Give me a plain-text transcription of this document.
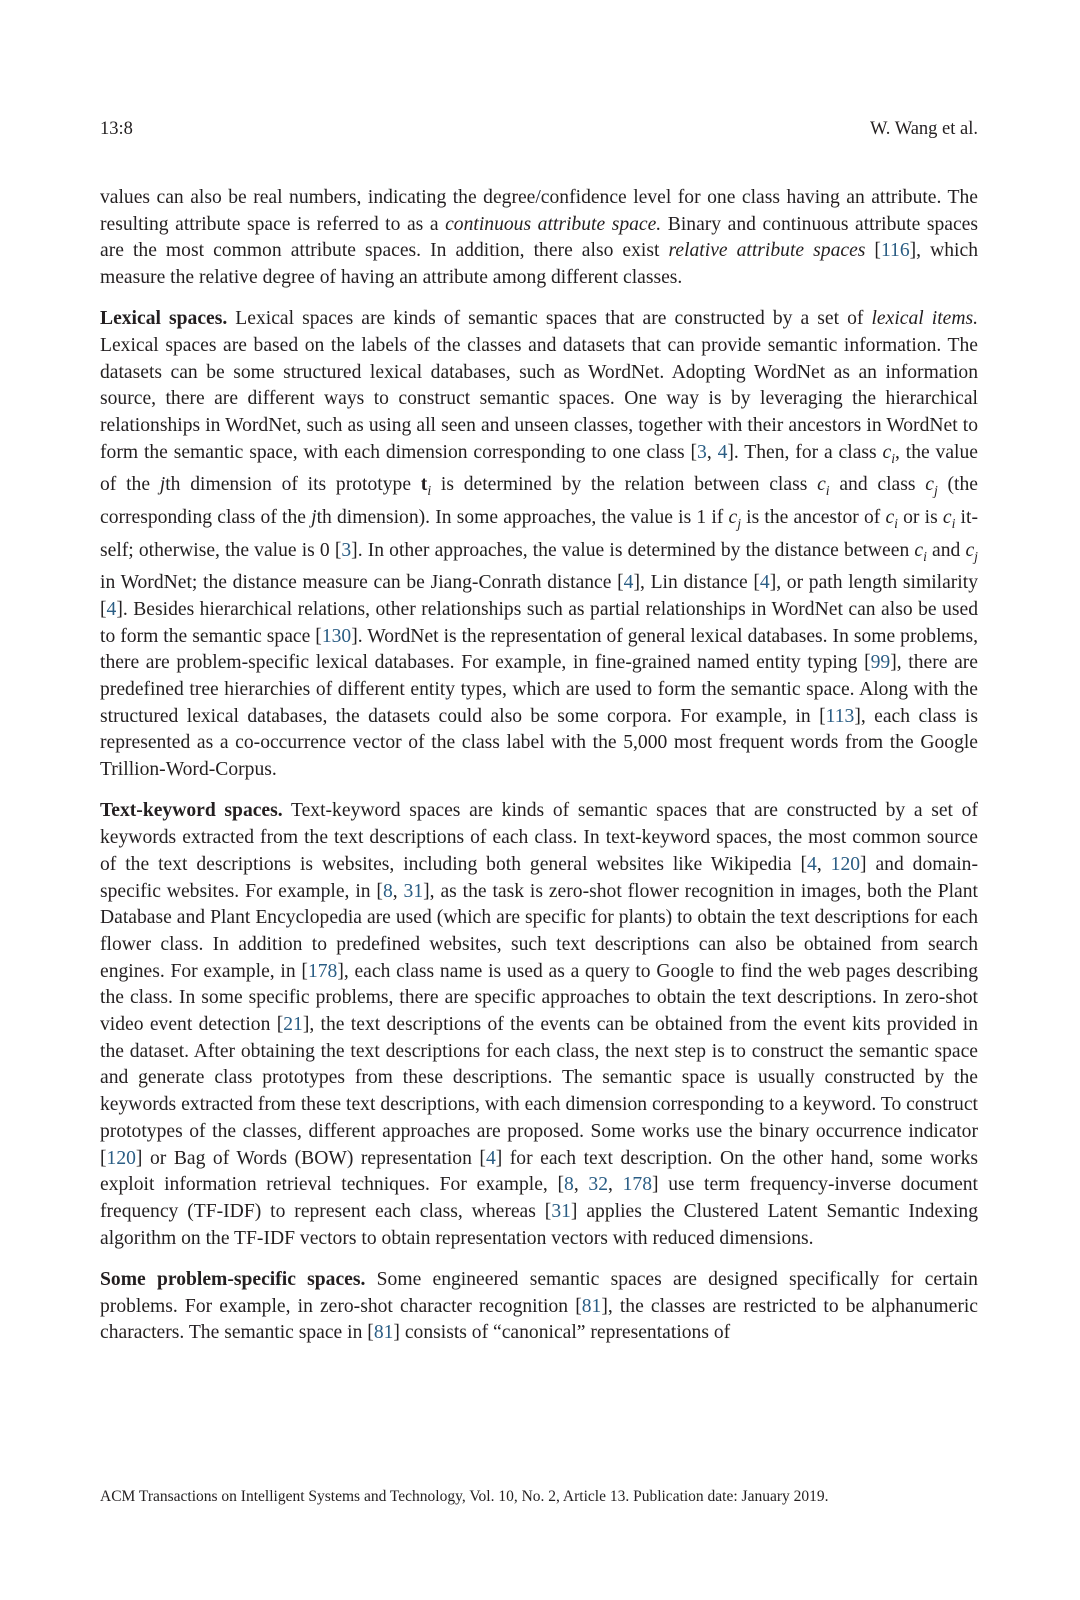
13:8	W. Wang et al.

values can also be real numbers, indicating the degree/confidence level for one class having an attribute. The resulting attribute space is referred to as a continuous attribute space. Binary and continuous attribute spaces are the most common attribute spaces. In addition, there also exist relative attribute spaces [116], which measure the relative degree of having an attribute among different classes.

Lexical spaces. Lexical spaces are kinds of semantic spaces that are constructed by a set of lexical items. Lexical spaces are based on the labels of the classes and datasets that can provide semantic information. The datasets can be some structured lexical databases, such as WordNet. Adopting WordNet as an information source, there are different ways to construct semantic spaces. One way is by leveraging the hierarchical relationships in WordNet, such as using all seen and unseen classes, together with their ancestors in WordNet to form the semantic space, with each dimension corresponding to one class [3, 4]. Then, for a class $c_i$, the value of the jth dimension of its prototype $t_i$ is determined by the relation between class $c_i$ and class $c_j$ (the corresponding class of the jth dimension). In some approaches, the value is 1 if $c_j$ is the ancestor of $c_i$ or is $c_i$ itself; otherwise, the value is 0 [3]. In other approaches, the value is determined by the distance between $c_i$ and $c_j$ in WordNet; the distance measure can be Jiang-Conrath distance [4], Lin distance [4], or path length similarity [4]. Besides hierarchical relations, other relationships such as partial relationships in WordNet can also be used to form the semantic space [130]. WordNet is the representation of general lexical databases. In some problems, there are problem-specific lexical databases. For example, in fine-grained named entity typing [99], there are predefined tree hierarchies of different entity types, which are used to form the semantic space. Along with the structured lexical databases, the datasets could also be some corpora. For example, in [113], each class is represented as a co-occurrence vector of the class label with the 5,000 most frequent words from the Google Trillion-Word-Corpus.

Text-keyword spaces. Text-keyword spaces are kinds of semantic spaces that are constructed by a set of keywords extracted from the text descriptions of each class. In text-keyword spaces, the most common source of the text descriptions is websites, including both general websites like Wikipedia [4, 120] and domain-specific websites. For example, in [8, 31], as the task is zero-shot flower recognition in images, both the Plant Database and Plant Encyclopedia are used (which are specific for plants) to obtain the text descriptions for each flower class. In addition to predefined websites, such text descriptions can also be obtained from search engines. For example, in [178], each class name is used as a query to Google to find the web pages describing the class. In some specific problems, there are specific approaches to obtain the text descriptions. In zero-shot video event detection [21], the text descriptions of the events can be obtained from the event kits provided in the dataset. After obtaining the text descriptions for each class, the next step is to construct the semantic space and generate class prototypes from these descriptions. The semantic space is usually constructed by the keywords extracted from these text descriptions, with each dimension corresponding to a keyword. To construct prototypes of the classes, different approaches are proposed. Some works use the binary occurrence indicator [120] or Bag of Words (BOW) representation [4] for each text description. On the other hand, some works exploit information retrieval techniques. For example, [8, 32, 178] use term frequency-inverse document frequency (TF-IDF) to represent each class, whereas [31] applies the Clustered Latent Semantic Indexing algorithm on the TF-IDF vectors to obtain representation vectors with reduced dimensions.

Some problem-specific spaces. Some engineered semantic spaces are designed specifically for certain problems. For example, in zero-shot character recognition [81], the classes are restricted to be alphanumeric characters. The semantic space in [81] consists of “canonical” representations of

ACM Transactions on Intelligent Systems and Technology, Vol. 10, No. 2, Article 13. Publication date: January 2019.
